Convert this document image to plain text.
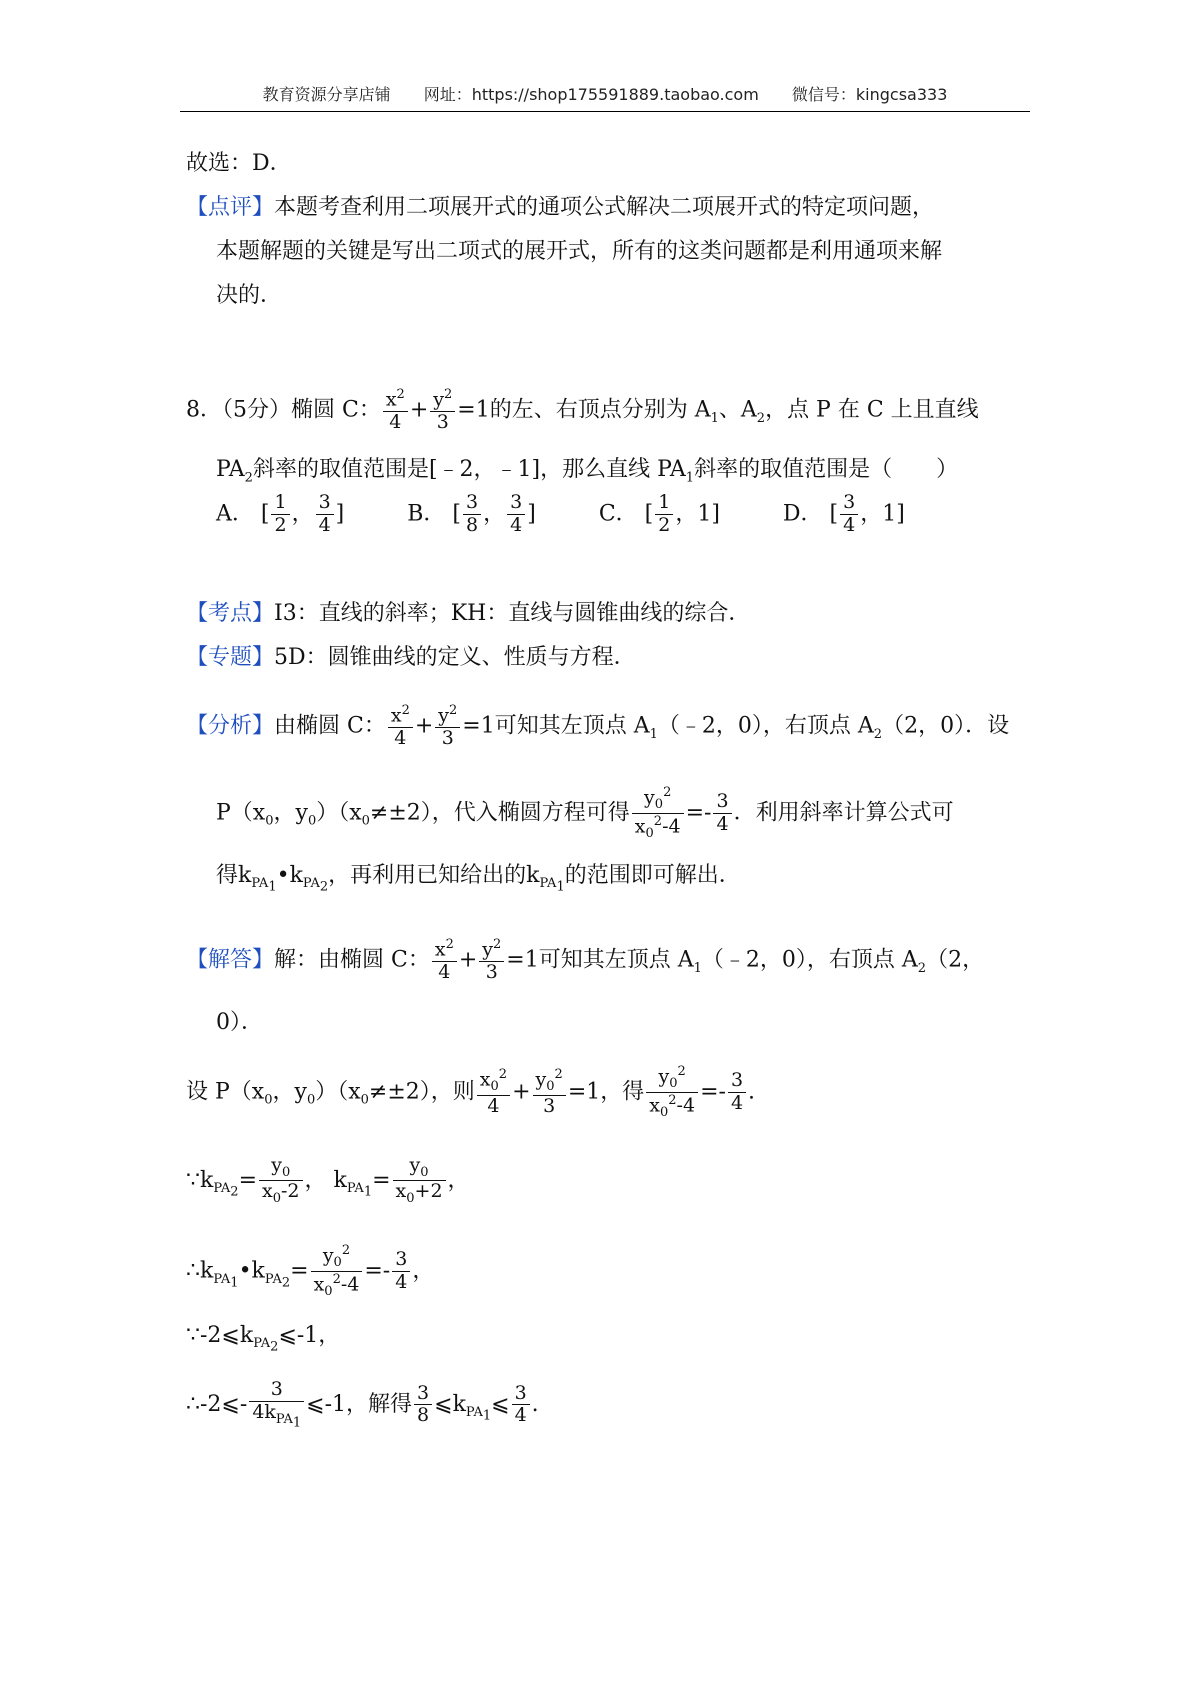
教育资源分享店铺 网址：https://shop175591889.taobao.com 微信号：kingcsa333
故选：D．
【点评】本题考查利用二项展开式的通项公式解决二项展开式的特定项问题，
本题解题的关键是写出二项式的展开式，所有的这类问题都是利用通项来解
决的．
8．（5分）椭圆 C： $\frac{x^2}{4} + \frac{y^2}{3} =1$的左、右顶点分别为 $A_1$、$A_2$，点 P 在 C 上且直线
$PA_2$斜率的取值范围是[﹣2，﹣1]，那么直线 $PA_1$斜率的取值范围是（　　）
A． [ $\frac{1}{2}$ ， $\frac{3}{4}$ ]	B． [ $\frac{3}{8}$ ， $\frac{3}{4}$ ]	C． [ $\frac{1}{2}$ ，1]	D． [ $\frac{3}{4}$ ，1]
【考点】I3：直线的斜率；KH：直线与圆锥曲线的综合．
【专题】5D：圆锥曲线的定义、性质与方程．
【分析】由椭圆 C： $\frac{x^2}{4} + \frac{y^2}{3} =1$可知其左顶点 $A_1(﹣2$，0），右顶点 $A_2(2$，0）．设
$P(x_0$，$y_0)(x_0\ne\pm 2)$，代入椭圆方程可得 $\frac{y_0^2}{x_0^2-4} =- \frac{3}{4}$ ．利用斜率计算公式可
得$k_{PA_1}•k_{PA_2}$，再利用已知给出的$k_{PA_1}$的范围即可解出．
【解答】解：由椭圆 C： $\frac{x^2}{4} + \frac{y^2}{3} =1$可知其左顶点 $A_1(﹣2$，0），右顶点 $A_2(2$，
0）．
设 $P(x_0$，$y_0)(x_0\ne\pm 2)$，则 $\frac{x_0^2}{4} + \frac{y_0^2}{3} =1$，得 $\frac{y_0^2}{x_0^2-4} =- \frac{3}{4}$ .
$\because k_{PA_2}= \frac{y_0}{x_0-2}$ ， $k_{PA_1}= \frac{y_0}{x_0+2}$ ，
$\therefore k_{PA_1}•k_{PA_2}= \frac{y_0^2}{x_0^2-4} =- \frac{3}{4}$ ，
$\because-2⩽k_{PA_2}⩽-1$，
∴-2⩽- $\frac{3}{4k_{PA_1}}$ ⩽-1，解得 $\frac{3}{8}$ $⩽k_{PA_1}⩽ \frac{3}{4}$ .
